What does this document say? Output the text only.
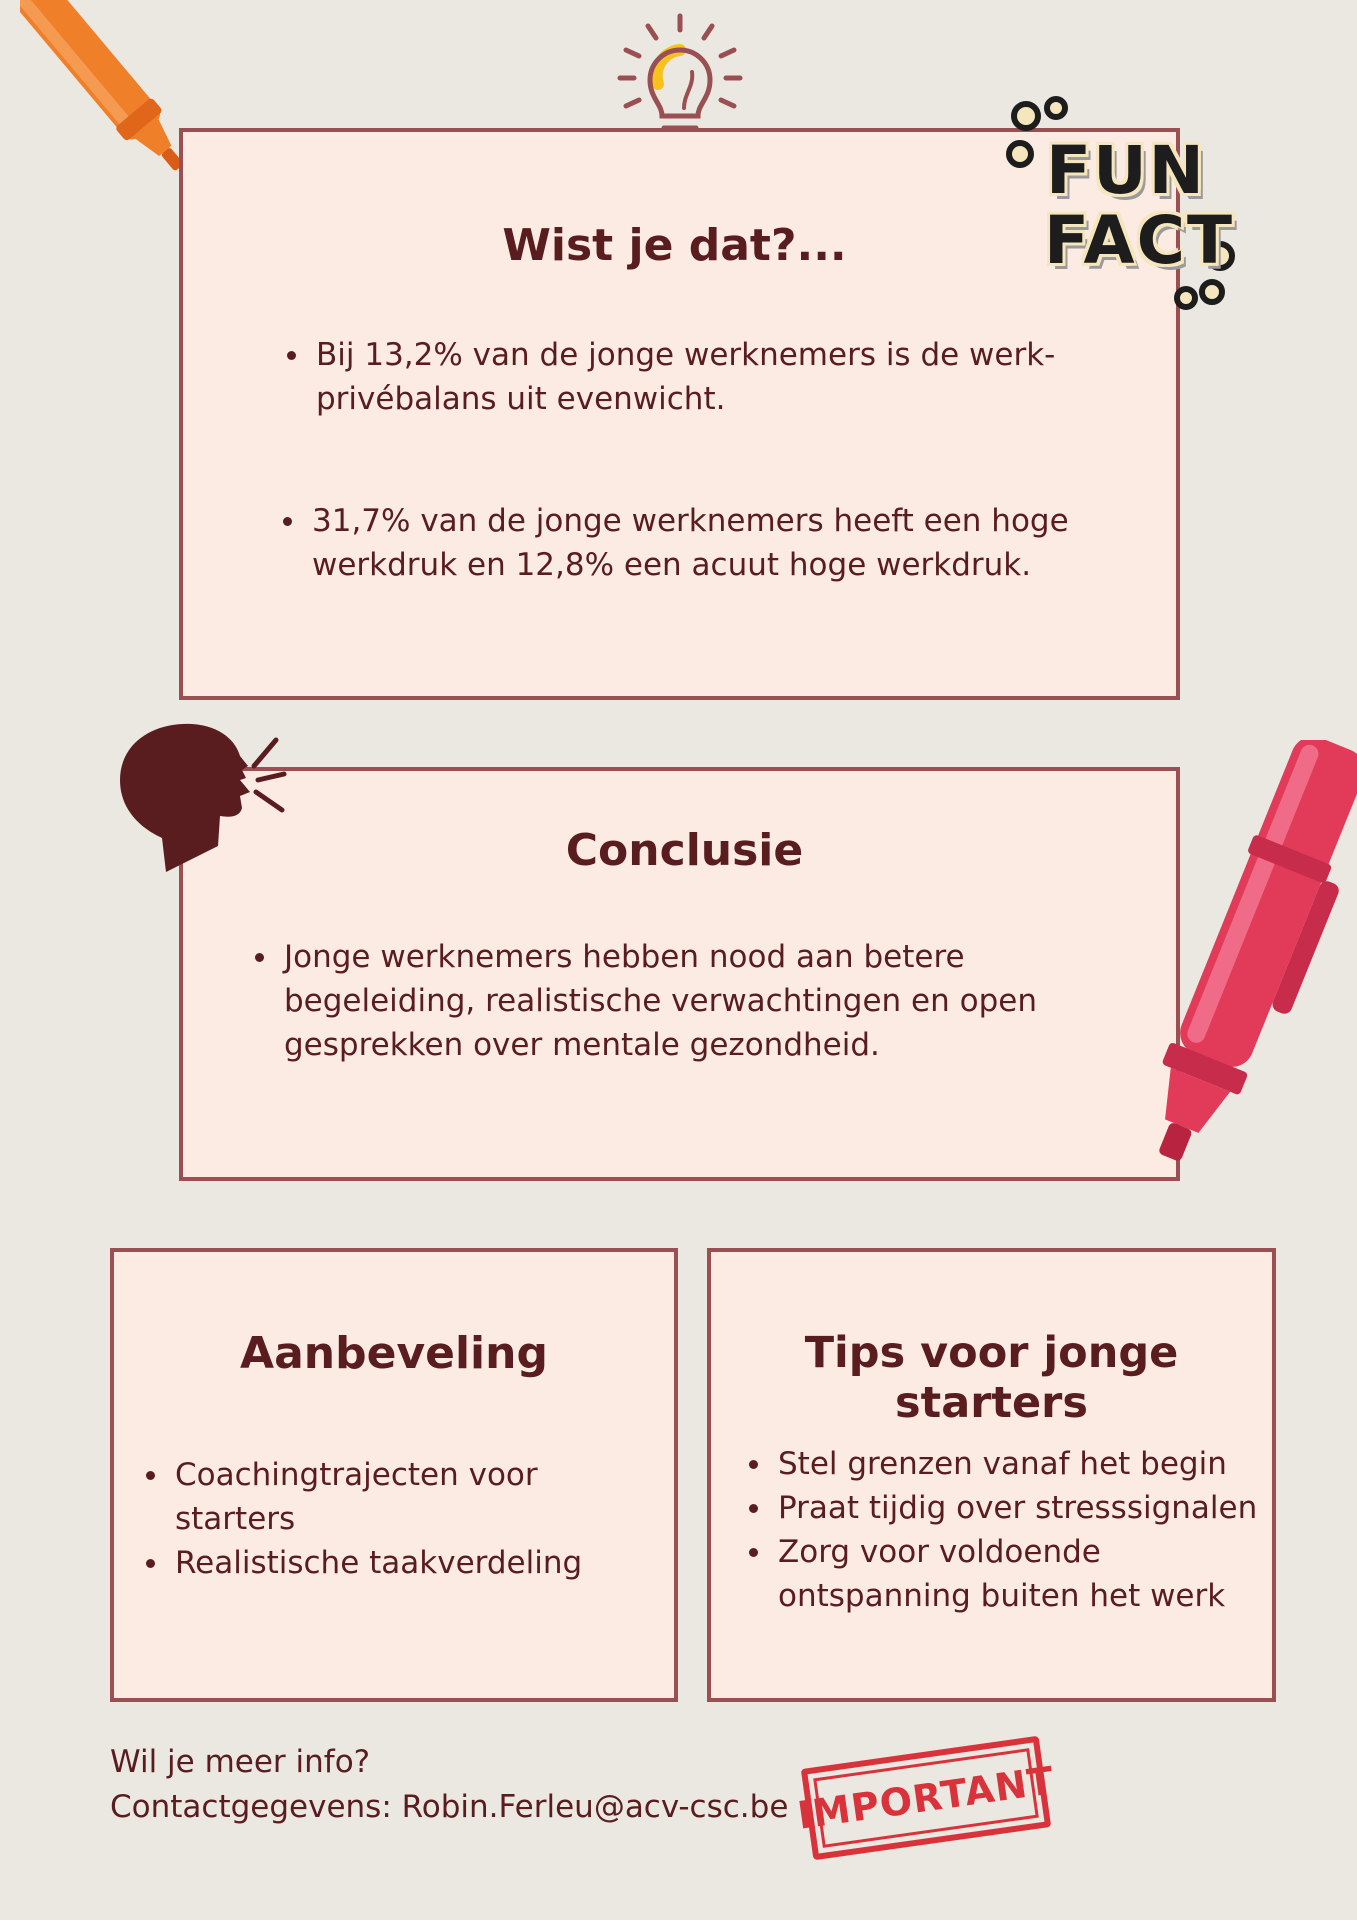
Wist je dat?...
Bij 13,2% van de jonge werknemers is de werk-privébalans uit evenwicht.
31,7% van de jonge werknemers heeft een hoge werkdruk en 12,8% een acuut hoge werkdruk.
FUN
FACT
Conclusie
Jonge werknemers hebben nood aan betere begeleiding, realistische verwachtingen en open gesprekken over mentale gezondheid.
Aanbeveling
Coachingtrajecten voor starters
Realistische taakverdeling
Tips voor jonge starters
Stel grenzen vanaf het begin
Praat tijdig over stresssignalen
Zorg voor voldoende ontspanning buiten het werk
Wil je meer info?
Contactgegevens: Robin.Ferleu@acv-csc.be IMPORTANT
